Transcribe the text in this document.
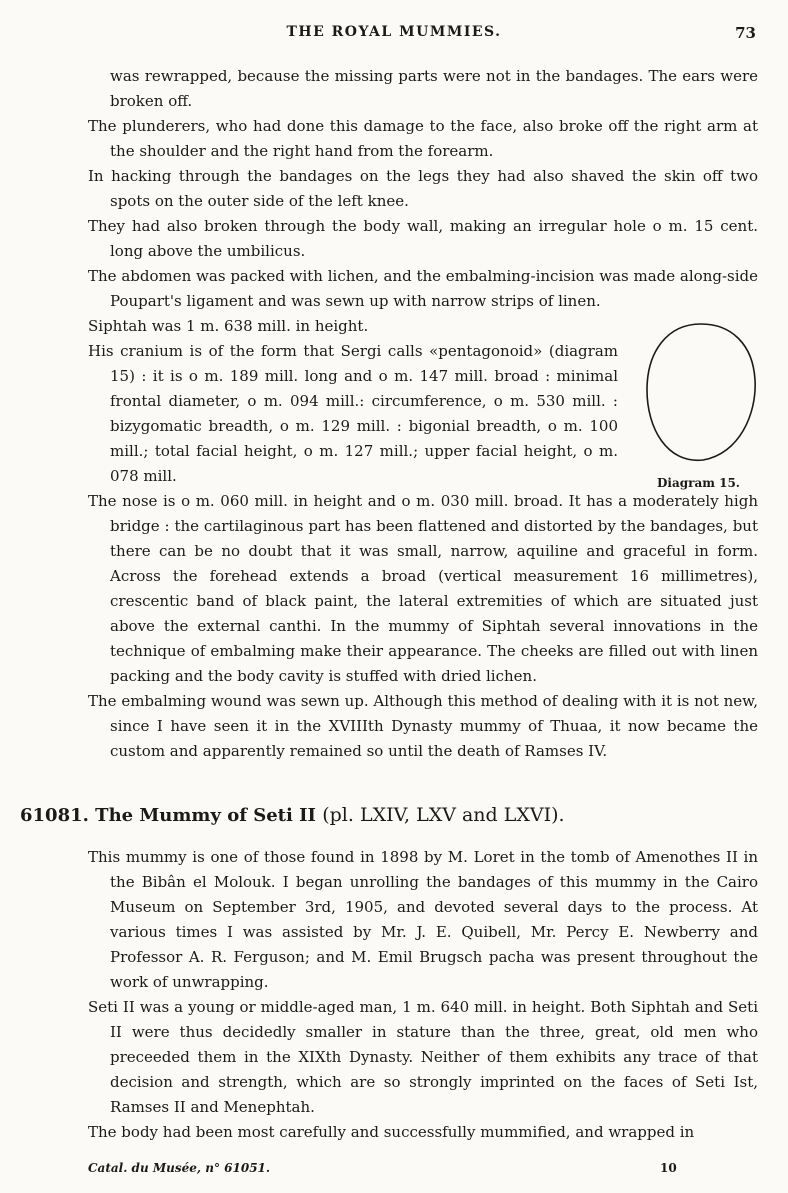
THE ROYAL MUMMIES.	73

was rewrapped, because the missing parts were not in the bandages. The ears were broken off.

The plunderers, who had done this damage to the face, also broke off the right arm at the shoulder and the right hand from the forearm.

In hacking through the bandages on the legs they had also shaved the skin off two spots on the outer side of the left knee.

They had also broken through the body wall, making an irregular hole o m. 15 cent. long above the umbilicus.

The abdomen was packed with lichen, and the embalming-incision was made along-side Poupart's ligament and was sewn up with narrow strips of linen.

Siphtah was 1 m. 638 mill. in height.

His cranium is of the form that Sergi calls «pentagonoid» (diagram 15) : it is o m. 189 mill. long and o m. 147 mill. broad : minimal frontal diameter, o m. 094 mill.: circumference, o m. 530 mill. : bizygomatic breadth, o m. 129 mill. : bigonial breadth, o m. 100 mill.; total facial height, o m. 127 mill.; upper facial height, o m. 078 mill.

The nose is o m. 060 mill. in height and o m. 030 mill. broad. It has a moderately high bridge : the cartilaginous part has been flattened and distorted by the bandages, but there can be no doubt that it was small, narrow, aquiline and graceful in form. Across the forehead extends a broad (vertical measurement 16 millimetres), crescentic band of black paint, the lateral extremities of which are situated just above the external canthi. In the mummy of Siphtah several innovations in the technique of embalming make their appearance. The cheeks are filled out with linen packing and the body cavity is stuffed with dried lichen.

The embalming wound was sewn up. Although this method of dealing with it is not new, since I have seen it in the XVIIIth Dynasty mummy of Thuaa, it now became the custom and apparently remained so until the death of Ramses IV.

Diagram 15.
61081. The Mummy of Seti II (pl. LXIV, LXV and LXVI).

This mummy is one of those found in 1898 by M. Loret in the tomb of Amenothes II in the Bibân el Molouk. I began unrolling the bandages of this mummy in the Cairo Museum on September 3rd, 1905, and devoted several days to the process. At various times I was assisted by Mr. J. E. Quibell, Mr. Percy E. Newberry and Professor A. R. Ferguson; and M. Emil Brugsch pacha was present throughout the work of unwrapping.

Seti II was a young or middle-aged man, 1 m. 640 mill. in height. Both Siphtah and Seti II were thus decidedly smaller in stature than the three, great, old men who preceeded them in the XIXth Dynasty. Neither of them exhibits any trace of that decision and strength, which are so strongly imprinted on the faces of Seti Ist, Ramses II and Menephtah.

The body had been most carefully and successfully mummified, and wrapped in

Catal. du Musée, n° 61051.	10
